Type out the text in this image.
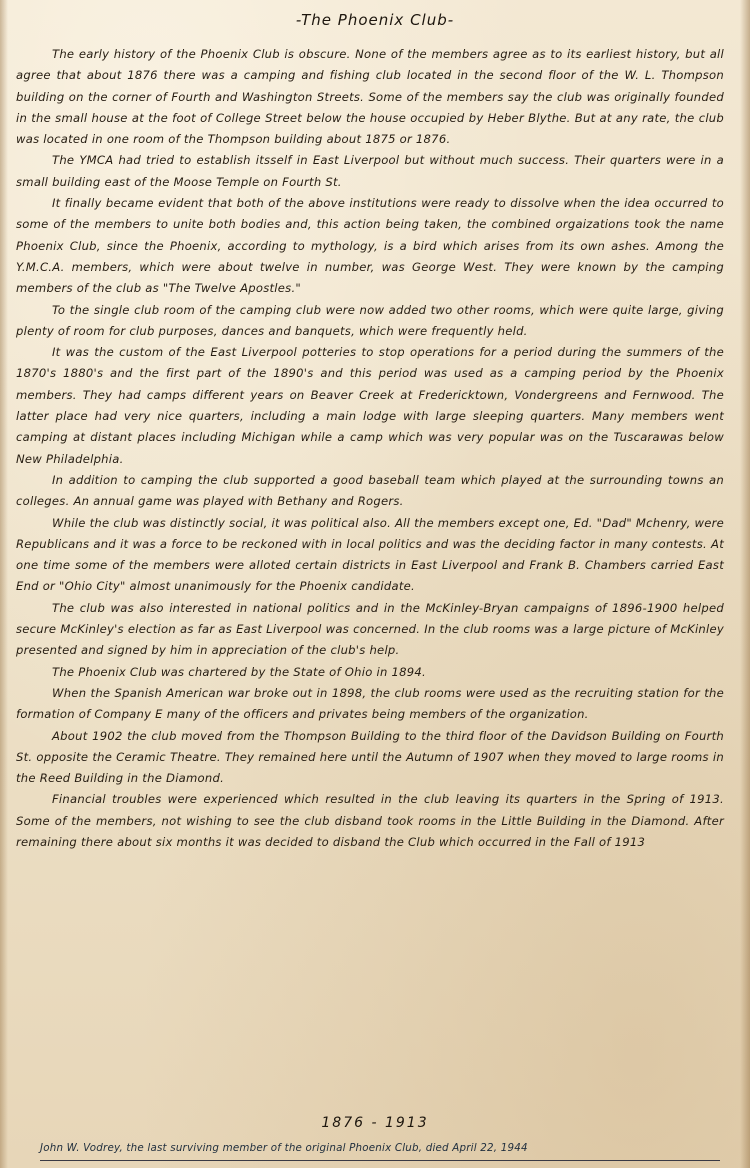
-The Phoenix Club-

The early history of the Phoenix Club is obscure. None of the members agree as to its earliest history, but all agree that about 1876 there was a camping and fishing club located in the second floor of the W. L. Thompson building on the corner of Fourth and Washington Streets. Some of the members say the club was originally founded in the small house at the foot of College Street below the house occupied by Heber Blythe. But at any rate, the club was located in one room of the Thompson building about 1875 or 1876.

The YMCA had tried to establish itsself in East Liverpool but without much success. Their quarters were in a small building east of the Moose Temple on Fourth St.

It finally became evident that both of the above institutions were ready to dissolve when the idea occurred to some of the members to unite both bodies and, this action being taken, the combined orgaizations took the name Phoenix Club, since the Phoenix, according to mythology, is a bird which arises from its own ashes. Among the Y.M.C.A. members, which were about twelve in number, was George West. They were known by the camping members of the club as "The Twelve Apostles."

To the single club room of the camping club were now added two other rooms, which were quite large, giving plenty of room for club purposes, dances and banquets, which were frequently held.

It was the custom of the East Liverpool potteries to stop operations for a period during the summers of the 1870's 1880's and the first part of the 1890's and this period was used as a camping period by the Phoenix members. They had camps different years on Beaver Creek at Fredericktown, Vondergreens and Fernwood. The latter place had very nice quarters, including a main lodge with large sleeping quarters. Many members went camping at distant places including Michigan while a camp which was very popular was on the Tuscarawas below New Philadelphia.

In addition to camping the club supported a good baseball team which played at the surrounding towns an colleges. An annual game was played with Bethany and Rogers.

While the club was distinctly social, it was political also. All the members except one, Ed. "Dad" Mchenry, were Republicans and it was a force to be reckoned with in local politics and was the deciding factor in many contests. At one time some of the members were alloted certain districts in East Liverpool and Frank B. Chambers carried East End or "Ohio City" almost unanimously for the Phoenix candidate.

The club was also interested in national politics and in the McKinley-Bryan campaigns of 1896-1900 helped secure McKinley's election as far as East Liverpool was concerned. In the club rooms was a large picture of McKinley presented and signed by him in appreciation of the club's help.

The Phoenix Club was chartered by the State of Ohio in 1894.

When the Spanish American war broke out in 1898, the club rooms were used as the recruiting station for the formation of Company E many of the officers and privates being members of the organization.

About 1902 the club moved from the Thompson Building to the third floor of the Davidson Building on Fourth St. opposite the Ceramic Theatre. They remained here until the Autumn of 1907 when they moved to large rooms in the Reed Building in the Diamond.

Financial troubles were experienced which resulted in the club leaving its quarters in the Spring of 1913. Some of the members, not wishing to see the club disband took rooms in the Little Building in the Diamond. After remaining there about six months it was decided to disband the Club which occurred in the Fall of 1913

1876 - 1913
John W. Vodrey, the last surviving member of the original Phoenix Club, died April 22, 1944
